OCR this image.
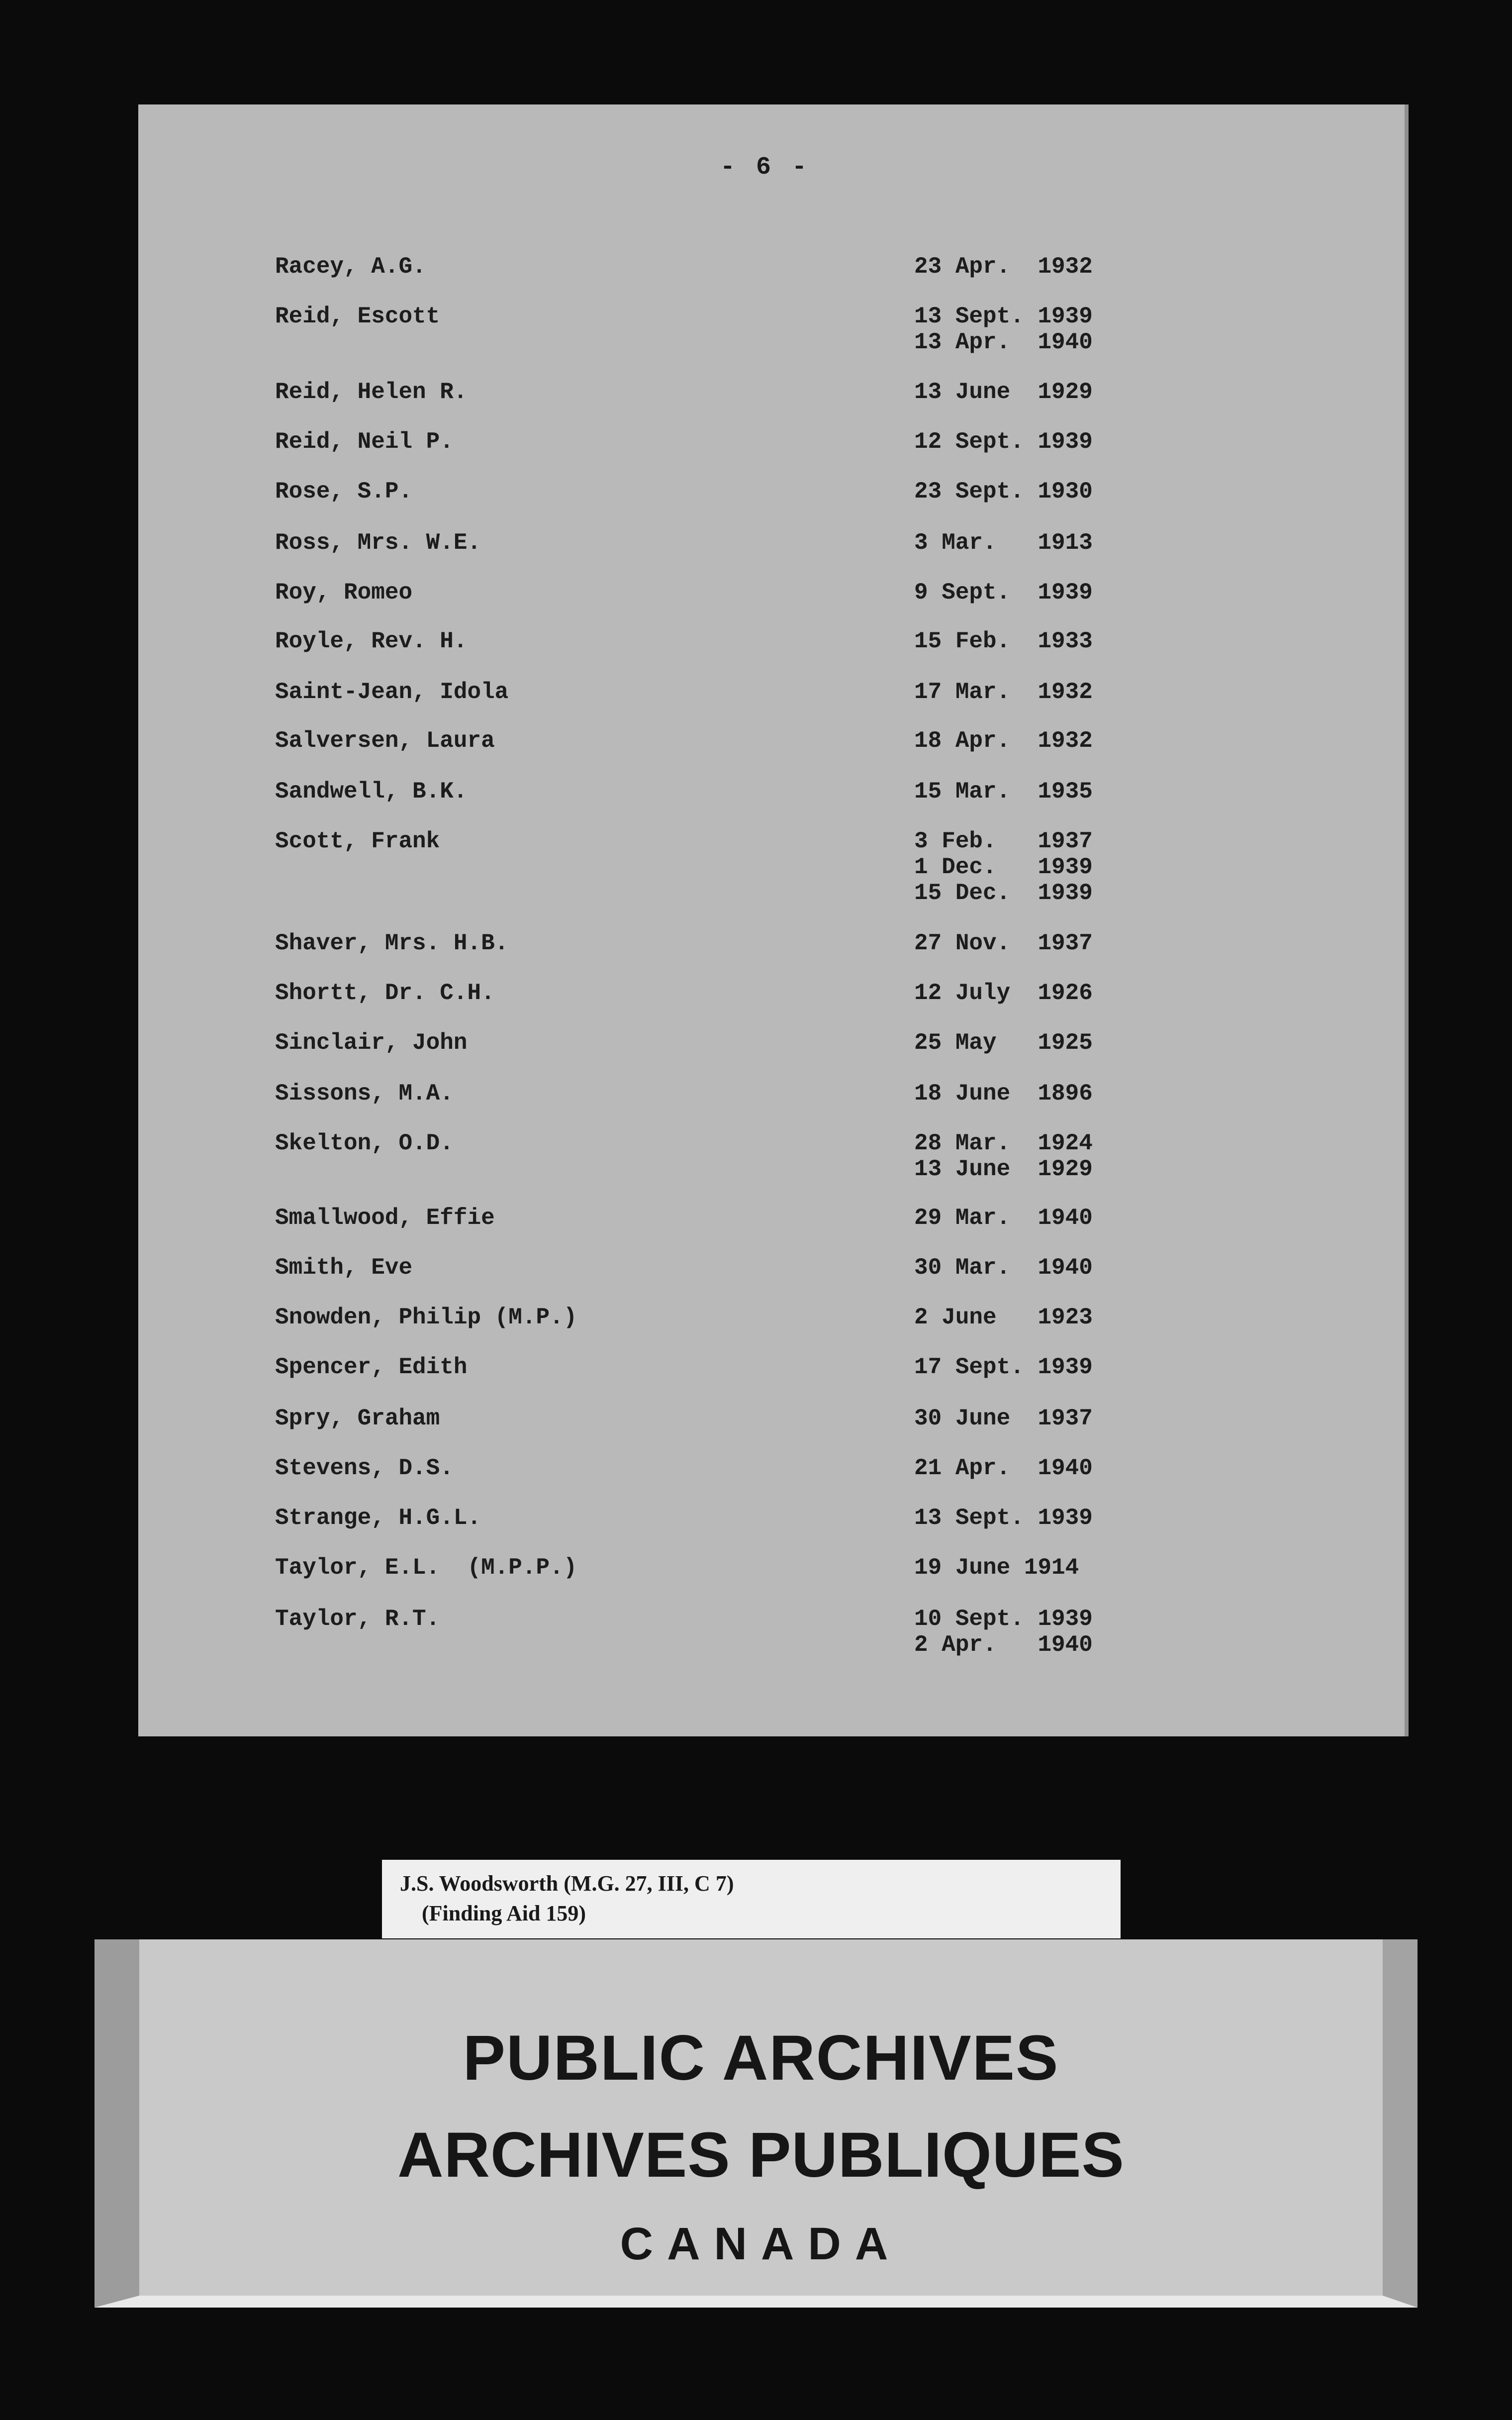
- 6 -
Racey, A.G.	23 Apr.  1932
Reid, Escott	13 Sept. 1939
13 Apr.  1940
Reid, Helen R.	13 June  1929
Reid, Neil P.	12 Sept. 1939
Rose, S.P.	23 Sept. 1930
Ross, Mrs. W.E.	3 Mar.   1913
Roy, Romeo	9 Sept.  1939
Royle, Rev. H.	15 Feb.  1933
Saint-Jean, Idola	17 Mar.  1932
Salversen, Laura	18 Apr.  1932
Sandwell, B.K.	15 Mar.  1935
Scott, Frank	3 Feb.   1937
1 Dec.   1939
15 Dec.  1939
Shaver, Mrs. H.B.	27 Nov.  1937
Shortt, Dr. C.H.	12 July  1926
Sinclair, John	25 May   1925
Sissons, M.A.	18 June  1896
Skelton, O.D.	28 Mar.  1924
13 June  1929
Smallwood, Effie	29 Mar.  1940
Smith, Eve	30 Mar.  1940
Snowden, Philip (M.P.)	2 June   1923
Spencer, Edith	17 Sept. 1939
Spry, Graham	30 June  1937
Stevens, D.S.	21 Apr.  1940
Strange, H.G.L.	13 Sept. 1939
Taylor, E.L.  (M.P.P.)	19 June 1914
Taylor, R.T.	10 Sept. 1939
2 Apr.   1940
J.S. Woodsworth (M.G. 27, III, C 7)
(Finding Aid 159)
PUBLIC ARCHIVES
ARCHIVES PUBLIQUES
CANADA
